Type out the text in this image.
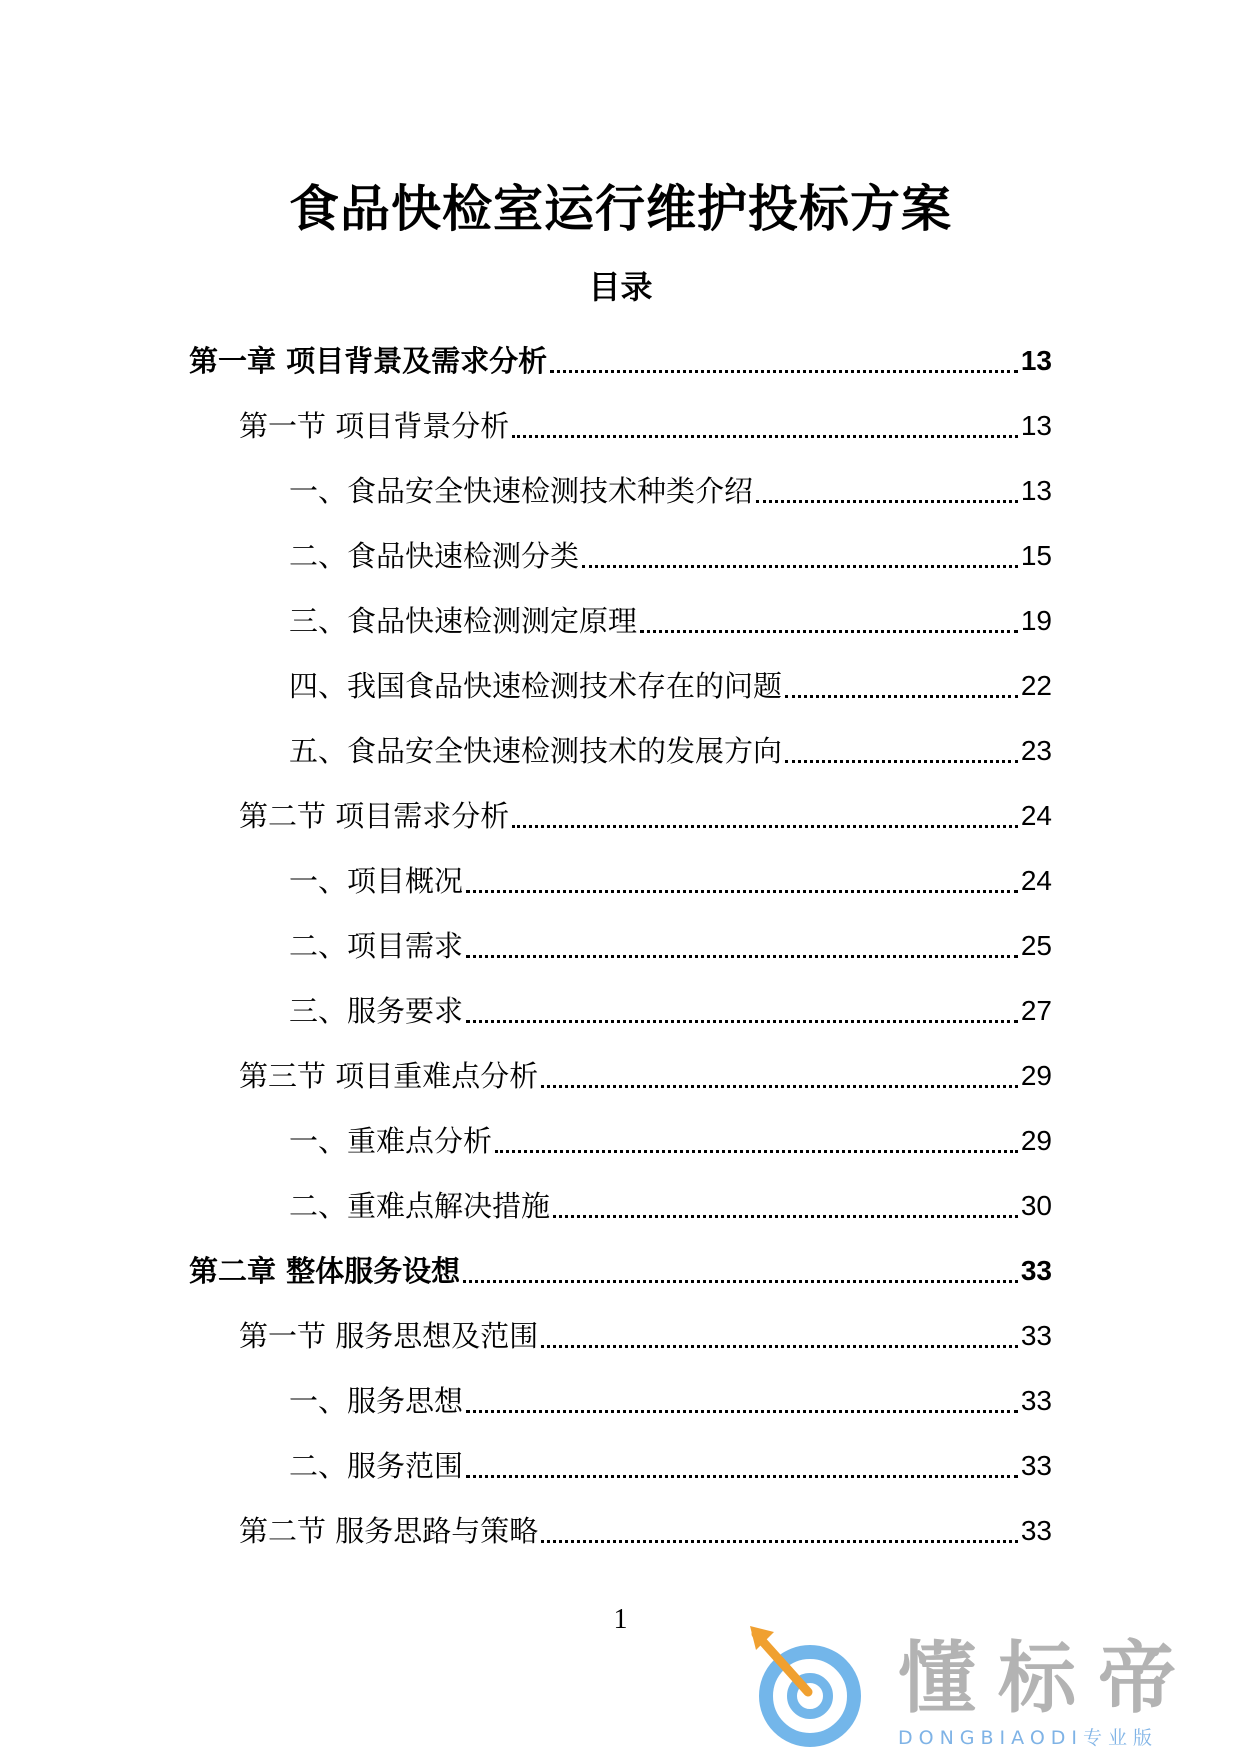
食品快检室运行维护投标方案
目录
第一章 项目背景及需求分析	13
第一节 项目背景分析	13
一、食品安全快速检测技术种类介绍	13
二、食品快速检测分类	15
三、食品快速检测测定原理	19
四、我国食品快速检测技术存在的问题	22
五、食品安全快速检测技术的发展方向	23
第二节 项目需求分析	24
一、项目概况	24
二、项目需求	25
三、服务要求	27
第三节 项目重难点分析	29
一、重难点分析	29
二、重难点解决措施	30
第二章 整体服务设想	33
第一节 服务思想及范围	33
一、服务思想	33
二、服务范围	33
第二节 服务思路与策略	33
1
懂标帝
DONGBIAODI专业版
